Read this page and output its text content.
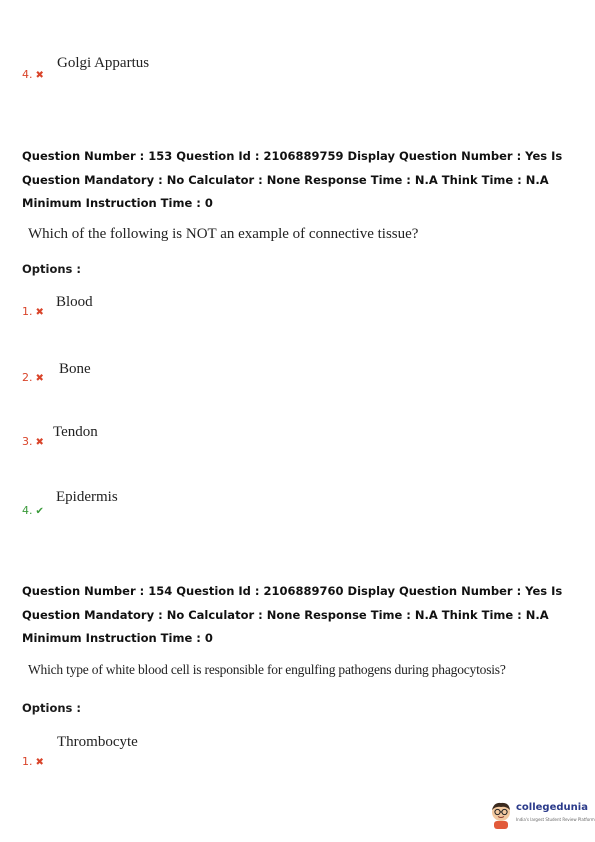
4. ✖
Golgi Appartus
Question Number : 153 Question Id : 2106889759 Display Question Number : Yes Is Question Mandatory : No Calculator : None Response Time : N.A Think Time : N.A Minimum Instruction Time : 0
Which of the following is NOT an example of connective tissue?
Options :
1. ✖
Blood
2. ✖
Bone
3. ✖
Tendon
4. ✔
Epidermis
Question Number : 154 Question Id : 2106889760 Display Question Number : Yes Is Question Mandatory : No Calculator : None Response Time : N.A Think Time : N.A Minimum Instruction Time : 0
Which type of white blood cell is responsible for engulfing pathogens during phagocytosis?
Options :
1. ✖
Thrombocyte
collegedunia
India's largest Student Review Platform
